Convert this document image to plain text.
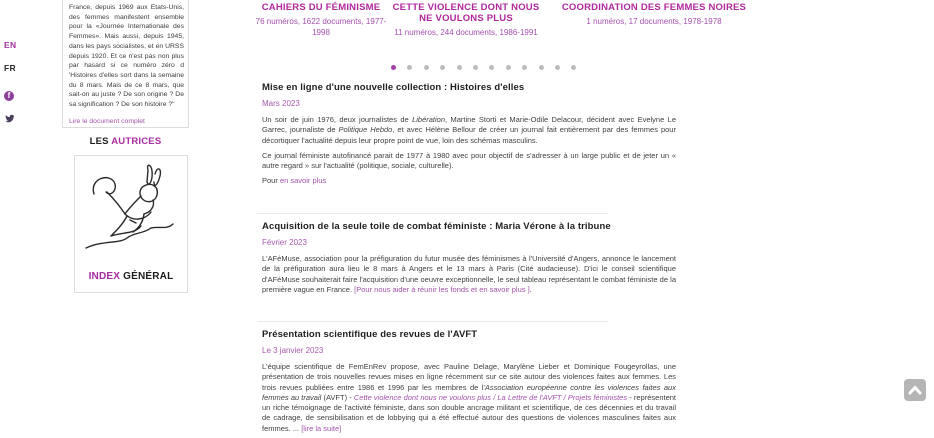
EN
FR
f
France, depuis 1969 aux Etats-Unis, des femmes manifestent ensemble pour la «Journée Internationale des Femmes». Mais aussi, depuis 1945, dans les pays socialistes, et en URSS depuis 1920. Et ce n'est pas non plus par hasard si ce numéro zéro d 'Histoires d'elles sort dans la semaine du 8 mars. Mais de ce 8 mars, que sait-on au juste ? De son origine ? De sa signification ? De son histoire ?"
Lire le document complet
LES AUTRICES
INDEX GÉNÉRAL
CAHIERS DU FÉMINISME
76 numéros, 1622 documents, 1977-1998
CETTE VIOLENCE DONT NOUS NE VOULONS PLUS
11 numéros, 244 documents, 1986-1991
COORDINATION DES FEMMES NOIRES
1 numéros, 17 documents, 1978-1978
Mise en ligne d'une nouvelle collection : Histoires d'elles
Mars 2023

Un soir de juin 1976, deux journalistes de Libération, Martine Storti et Marie-Odile Delacour, décident avec Evelyne Le Garrec, journaliste de Politique Hebdo, et avec Hélène Bellour de créer un journal fait entièrement par des femmes pour décortiquer l'actualité depuis leur propre point de vue, loin des schémas masculins.

Ce journal féministe autofinancé parait de 1977 à 1980 avec pour objectif de s'adresser à un large public et de jeter un « autre regard » sur l'actualité (politique, sociale, culturelle).

Pour en savoir plus

Acquisition de la seule toile de combat féministe : Maria Vérone à la tribune
Février 2023

L'AFéMuse, association pour la préfiguration du futur musée des féminismes à l'Université d'Angers, annonce le lancement de la préfiguration aura lieu le 8 mars à Angers et le 13 mars à Paris (Cité audacieuse). D'ici le conseil scientifique d'AFéMuse souhaiterait faire l'acquisition d'une oeuvre exceptionnelle, le seul tableau représentant le combat féministe de la première vague en France. [Pour nous aider à réunir les fonds et en savoir plus ].

Présentation scientifique des revues de l'AVFT
Le 3 janvier 2023

L'équipe scientifique de FemEnRev propose, avec Pauline Delage, Marylène Lieber et Dominique Fougeyrollas, une présentation de trois nouvelles revues mises en ligne récemment sur ce site autour des violences faites aux femmes. Les trois revues publiées entre 1986 et 1996 par les membres de l'Association européenne contre les violences faites aux femmes au travail (AVFT) - Cette violence dont nous ne voulons plus / La Lettre de l'AVFT / Projets féministes - représentent un riche témoignage de l'activité féministe, dans son double ancrage militant et scientifique, de ces décennies et du travail de cadrage, de sensibilisation et de lobbying qui a été effectué autour des questions de violences masculines faites aux femmes. ... [lire la suite]
